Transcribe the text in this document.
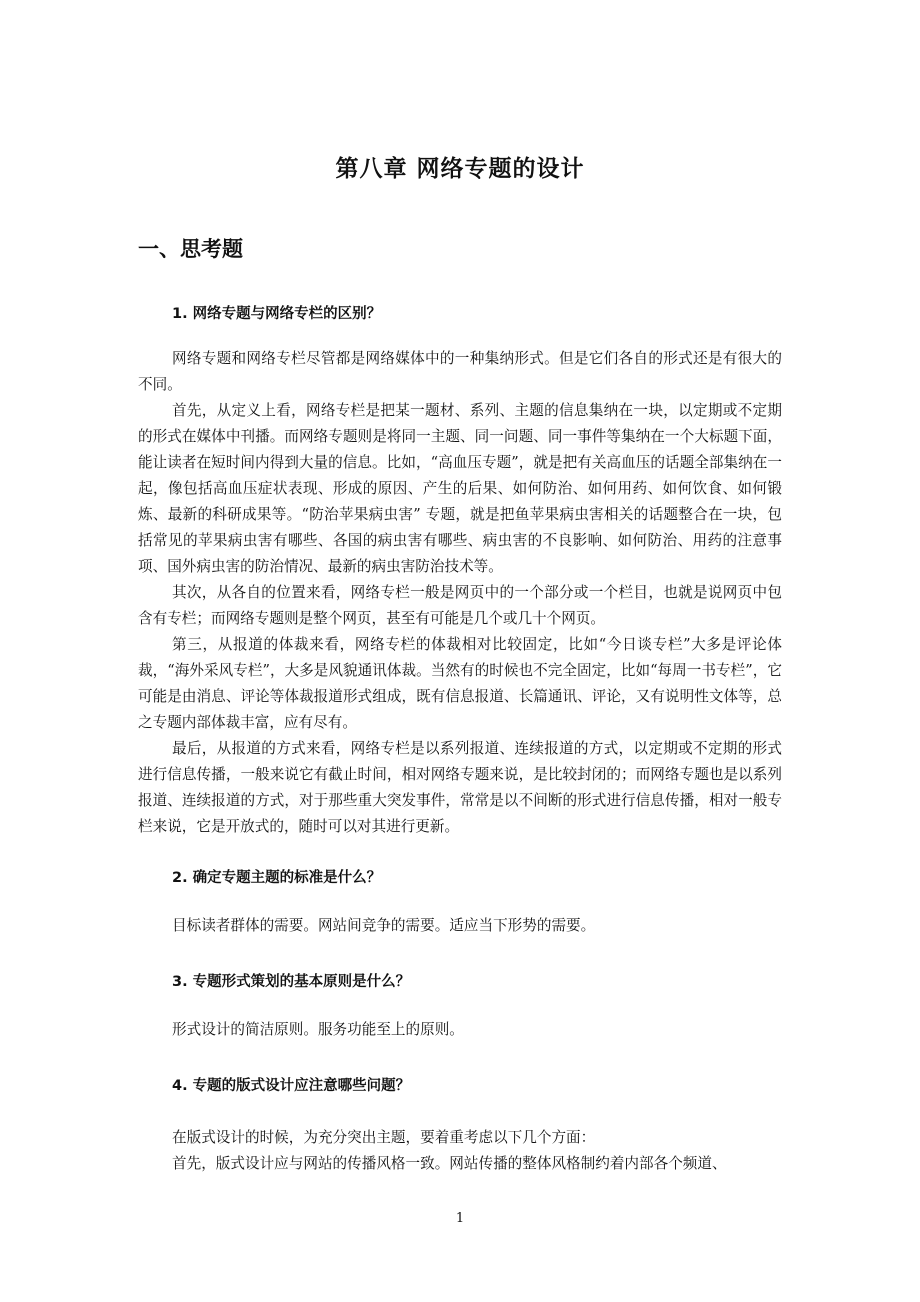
第八章 网络专题的设计
一、思考题
1. 网络专题与网络专栏的区别？

网络专题和网络专栏尽管都是网络媒体中的一种集纳形式。但是它们各自的形式还是有很大的不同。

首先，从定义上看，网络专栏是把某一题材、系列、主题的信息集纳在一块，以定期或不定期的形式在媒体中刊播。而网络专题则是将同一主题、同一问题、同一事件等集纳在一个大标题下面，能让读者在短时间内得到大量的信息。比如，“高血压专题”，就是把有关高血压的话题全部集纳在一起，像包括高血压症状表现、形成的原因、产生的后果、如何防治、如何用药、如何饮食、如何锻炼、最新的科研成果等。“防治苹果病虫害” 专题，就是把鱼苹果病虫害相关的话题整合在一块，包括常见的苹果病虫害有哪些、各国的病虫害有哪些、病虫害的不良影响、如何防治、用药的注意事项、国外病虫害的防治情况、最新的病虫害防治技术等。

其次，从各自的位置来看，网络专栏一般是网页中的一个部分或一个栏目，也就是说网页中包含有专栏；而网络专题则是整个网页，甚至有可能是几个或几十个网页。

第三，从报道的体裁来看，网络专栏的体裁相对比较固定，比如“今日谈专栏”大多是评论体裁，“海外采风专栏”，大多是风貌通讯体裁。当然有的时候也不完全固定，比如“每周一书专栏”，它可能是由消息、评论等体裁报道形式组成，既有信息报道、长篇通讯、评论，又有说明性文体等，总之专题内部体裁丰富，应有尽有。

最后，从报道的方式来看，网络专栏是以系列报道、连续报道的方式，以定期或不定期的形式进行信息传播，一般来说它有截止时间，相对网络专题来说，是比较封闭的；而网络专题也是以系列报道、连续报道的方式，对于那些重大突发事件，常常是以不间断的形式进行信息传播，相对一般专栏来说，它是开放式的，随时可以对其进行更新。

2. 确定专题主题的标准是什么？

目标读者群体的需要。网站间竞争的需要。适应当下形势的需要。

3. 专题形式策划的基本原则是什么？

形式设计的简洁原则。服务功能至上的原则。

4. 专题的版式设计应注意哪些问题？

在版式设计的时候，为充分突出主题，要着重考虑以下几个方面：

首先，版式设计应与网站的传播风格一致。网站传播的整体风格制约着内部各个频道、

1
